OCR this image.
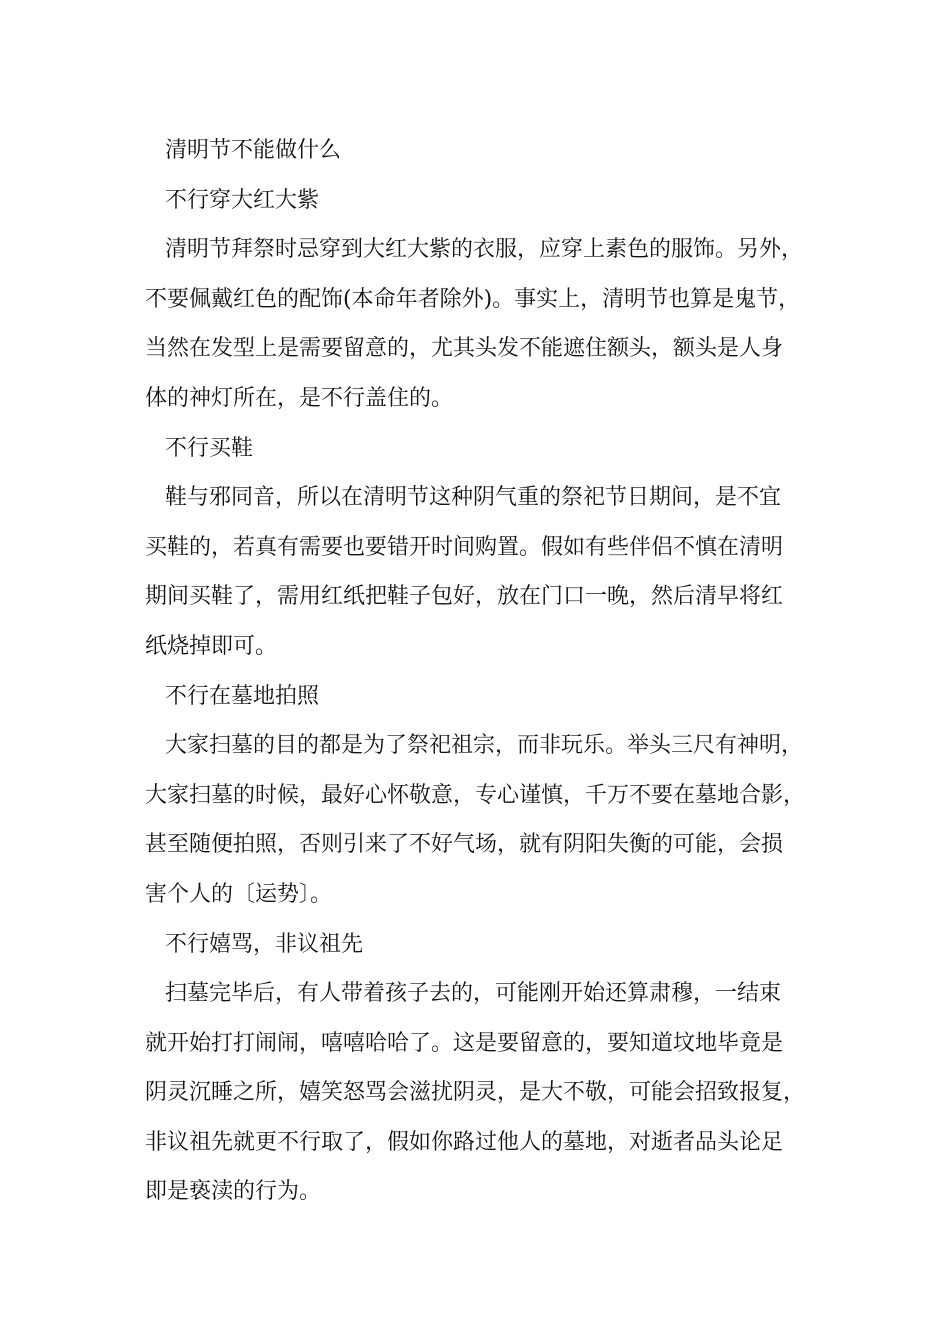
清明节不能做什么
不行穿大红大紫
清明节拜祭时忌穿到大红大紫的衣服，应穿上素色的服饰。另外，
不要佩戴红色的配饰(本命年者除外)。事实上，清明节也算是鬼节，
当然在发型上是需要留意的，尤其头发不能遮住额头，额头是人身
体的神灯所在，是不行盖住的。
不行买鞋
鞋与邪同音，所以在清明节这种阴气重的祭祀节日期间，是不宜
买鞋的，若真有需要也要错开时间购置。假如有些伴侣不慎在清明
期间买鞋了，需用红纸把鞋子包好，放在门口一晚，然后清早将红
纸烧掉即可。
不行在墓地拍照
大家扫墓的目的都是为了祭祀祖宗，而非玩乐。举头三尺有神明，
大家扫墓的时候，最好心怀敬意，专心谨慎，千万不要在墓地合影，
甚至随便拍照，否则引来了不好气场，就有阴阳失衡的可能，会损
害个人的〔运势〕。
不行嬉骂，非议祖先
扫墓完毕后，有人带着孩子去的，可能刚开始还算肃穆，一结束
就开始打打闹闹，嘻嘻哈哈了。这是要留意的，要知道坟地毕竟是
阴灵沉睡之所，嬉笑怒骂会滋扰阴灵，是大不敬，可能会招致报复，
非议祖先就更不行取了，假如你路过他人的墓地，对逝者品头论足
即是亵渎的行为。
